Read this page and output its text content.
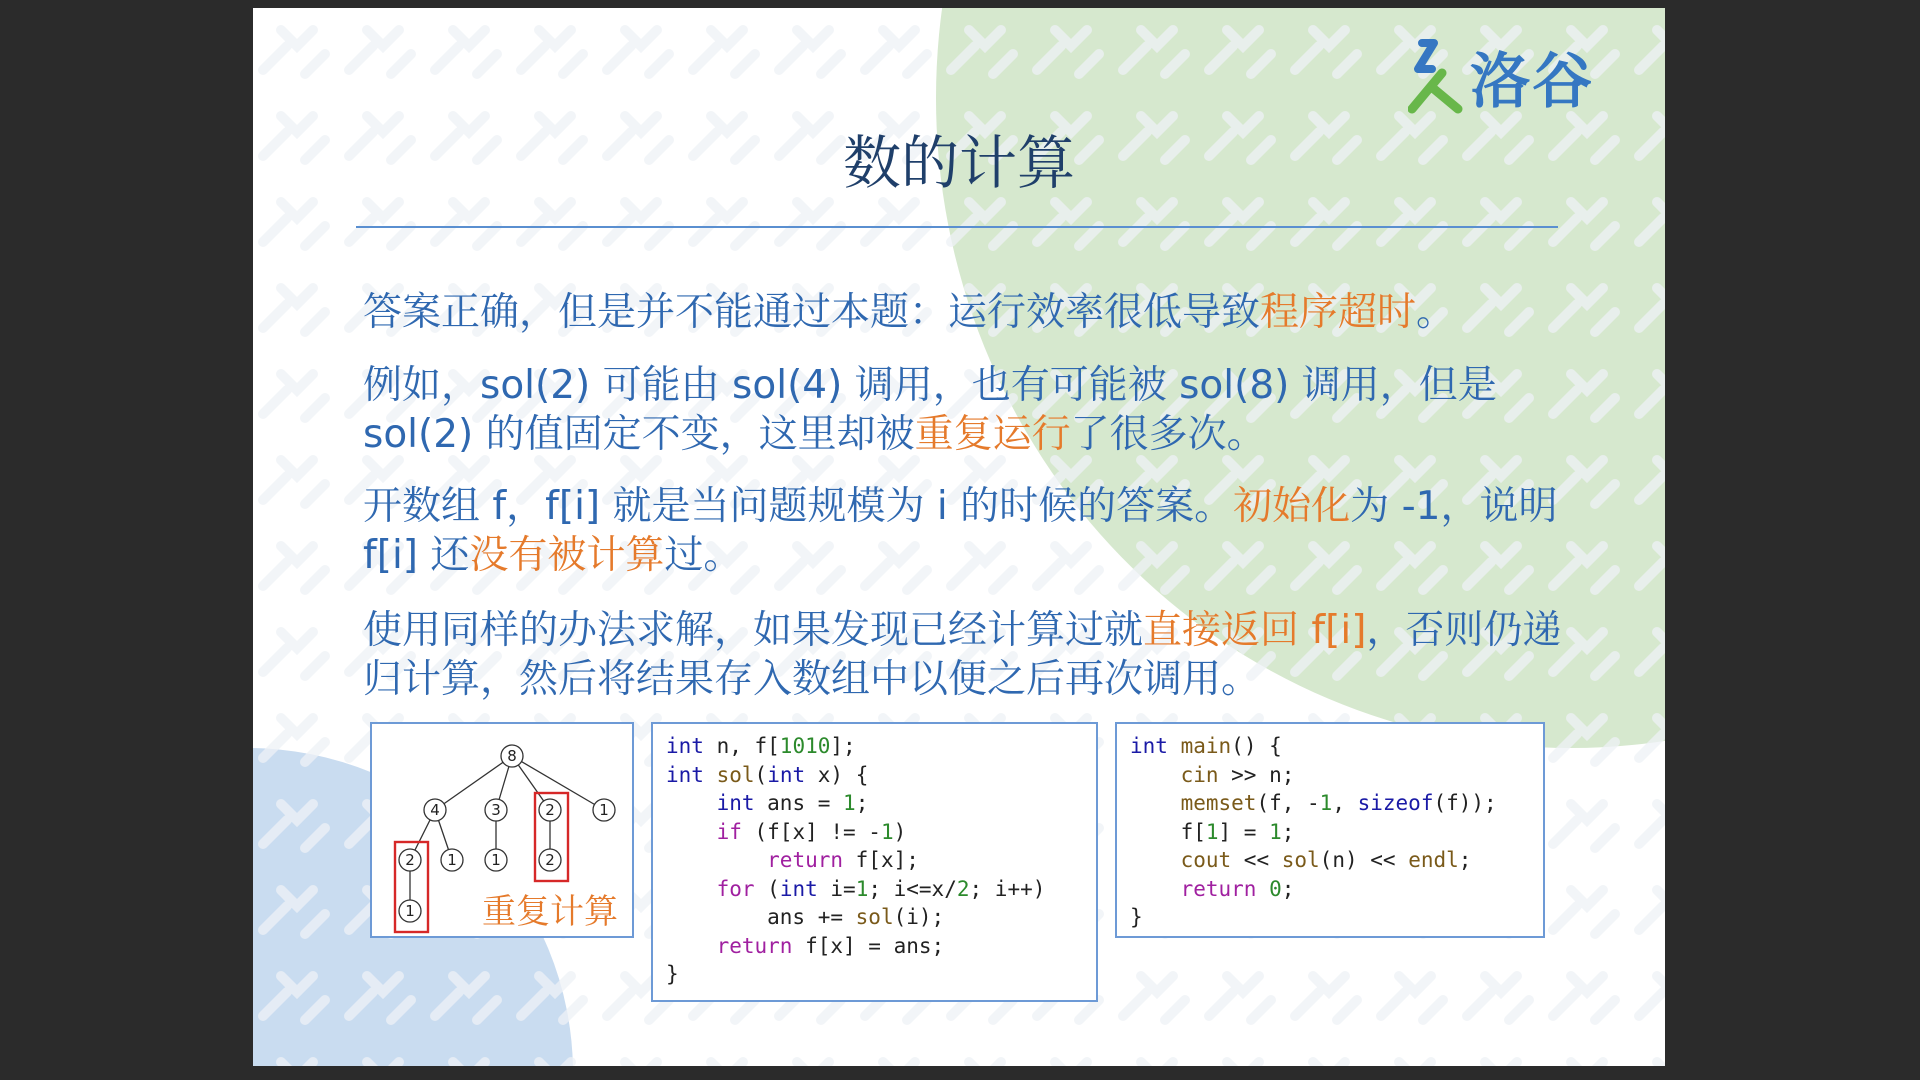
洛谷
数的计算
答案正确，但是并不能通过本题：运行效率很低导致程序超时。
例如，sol(2) 可能由 sol(4) 调用，也有可能被 sol(8) 调用，但是 sol(2) 的值固定不变，这里却被重复运行了很多次。
开数组 f，f[i] 就是当问题规模为 i 的时候的答案。初始化为 -1，说明 f[i] 还没有被计算过。
使用同样的办法求解，如果发现已经计算过就直接返回 f[i]，否则仍递归计算，然后将结果存入数组中以便之后再次调用。
8
4	3	2	1
2 1 1	2
1 重复计算
int n, f[1010];
int sol(int x) {
int ans = 1;
if (f[x] != -1)
return f[x];
for (int i=1; i<=x/2; i++)
ans += sol(i);
return f[x] = ans;
}
int main() {
cin >> n;
memset(f, -1, sizeof(f));
f[1] = 1;
cout << sol(n) << endl;
return 0;
}
